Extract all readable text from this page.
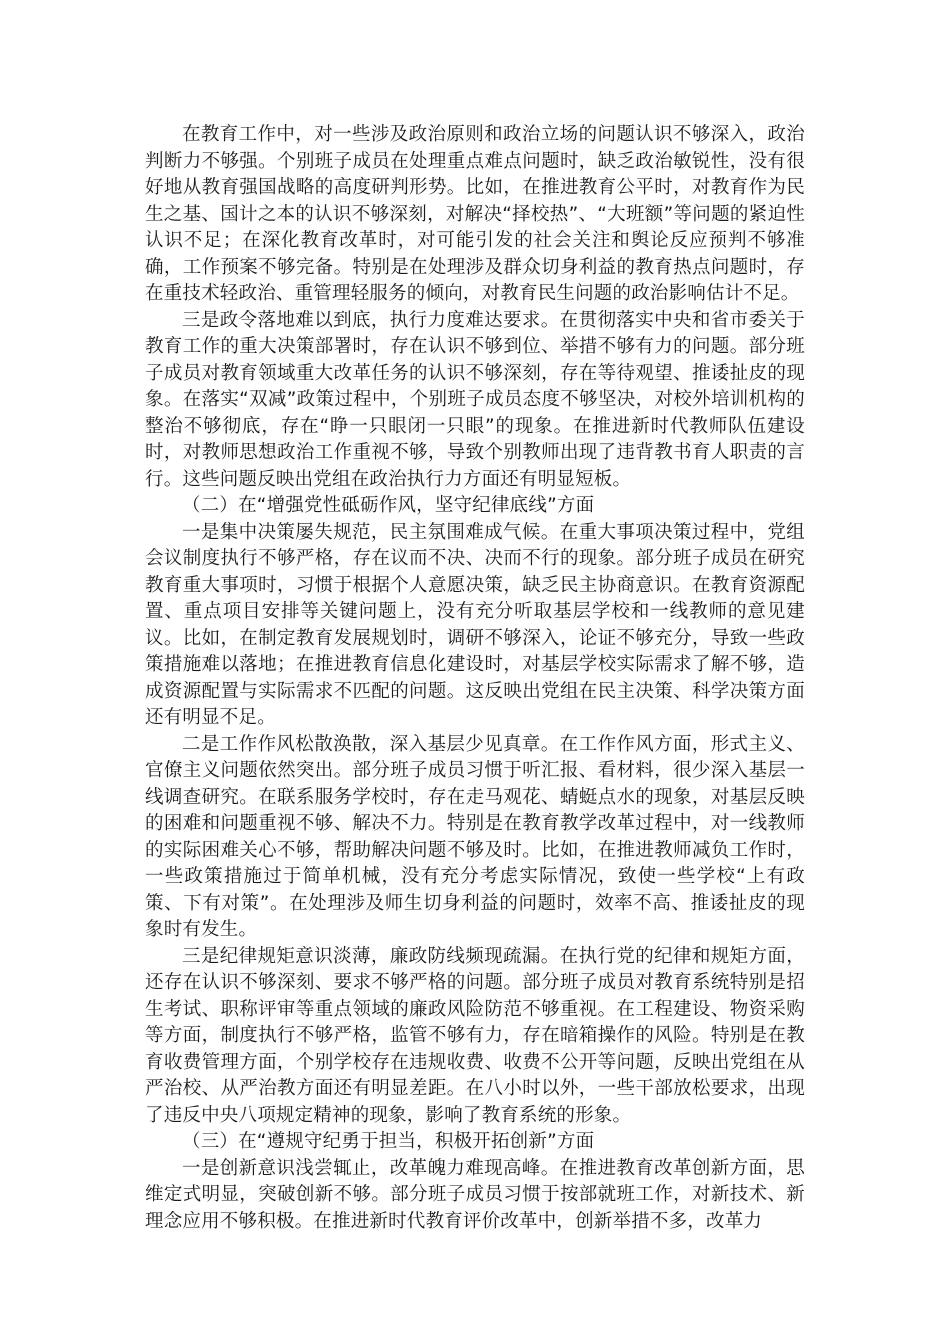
在教育工作中，对一些涉及政治原则和政治立场的问题认识不够深入，政治判断力不够强。个别班子成员在处理重点难点问题时，缺乏政治敏锐性，没有很好地从教育强国战略的高度研判形势。比如，在推进教育公平时，对教育作为民生之基、国计之本的认识不够深刻，对解决“择校热”、“大班额”等问题的紧迫性认识不足；在深化教育改革时，对可能引发的社会关注和舆论反应预判不够准确，工作预案不够完备。特别是在处理涉及群众切身利益的教育热点问题时，存在重技术轻政治、重管理轻服务的倾向，对教育民生问题的政治影响估计不足。

三是政令落地难以到底，执行力度难达要求。在贯彻落实中央和省市委关于教育工作的重大决策部署时，存在认识不够到位、举措不够有力的问题。部分班子成员对教育领域重大改革任务的认识不够深刻，存在等待观望、推诿扯皮的现象。在落实“双减”政策过程中，个别班子成员态度不够坚决，对校外培训机构的整治不够彻底，存在“睁一只眼闭一只眼”的现象。在推进新时代教师队伍建设时，对教师思想政治工作重视不够，导致个别教师出现了违背教书育人职责的言行。这些问题反映出党组在政治执行力方面还有明显短板。

（二）在“增强党性砥砺作风，坚守纪律底线”方面

一是集中决策屡失规范，民主氛围难成气候。在重大事项决策过程中，党组会议制度执行不够严格，存在议而不决、决而不行的现象。部分班子成员在研究教育重大事项时，习惯于根据个人意愿决策，缺乏民主协商意识。在教育资源配置、重点项目安排等关键问题上，没有充分听取基层学校和一线教师的意见建议。比如，在制定教育发展规划时，调研不够深入，论证不够充分，导致一些政策措施难以落地；在推进教育信息化建设时，对基层学校实际需求了解不够，造成资源配置与实际需求不匹配的问题。这反映出党组在民主决策、科学决策方面还有明显不足。

二是工作作风松散涣散，深入基层少见真章。在工作作风方面，形式主义、官僚主义问题依然突出。部分班子成员习惯于听汇报、看材料，很少深入基层一线调查研究。在联系服务学校时，存在走马观花、蜻蜓点水的现象，对基层反映的困难和问题重视不够、解决不力。特别是在教育教学改革过程中，对一线教师的实际困难关心不够，帮助解决问题不够及时。比如，在推进教师减负工作时，一些政策措施过于简单机械，没有充分考虑实际情况，致使一些学校“上有政策、下有对策”。在处理涉及师生切身利益的问题时，效率不高、推诿扯皮的现象时有发生。

三是纪律规矩意识淡薄，廉政防线频现疏漏。在执行党的纪律和规矩方面，还存在认识不够深刻、要求不够严格的问题。部分班子成员对教育系统特别是招生考试、职称评审等重点领域的廉政风险防范不够重视。在工程建设、物资采购等方面，制度执行不够严格，监管不够有力，存在暗箱操作的风险。特别是在教育收费管理方面，个别学校存在违规收费、收费不公开等问题，反映出党组在从严治校、从严治教方面还有明显差距。在八小时以外，一些干部放松要求，出现了违反中央八项规定精神的现象，影响了教育系统的形象。

（三）在“遵规守纪勇于担当，积极开拓创新”方面

一是创新意识浅尝辄止，改革魄力难现高峰。在推进教育改革创新方面，思维定式明显，突破创新不够。部分班子成员习惯于按部就班工作，对新技术、新理念应用不够积极。在推进新时代教育评价改革中，创新举措不多，改革力
